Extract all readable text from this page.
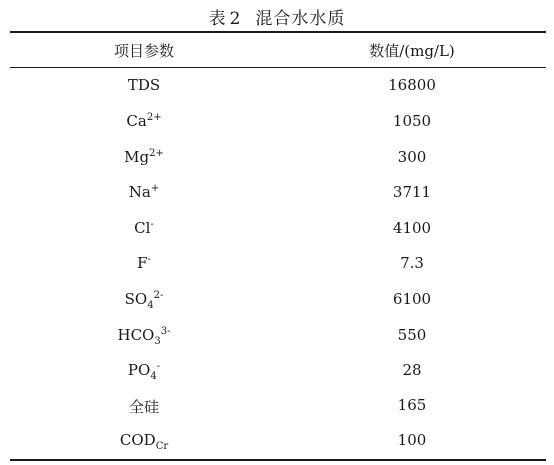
表 2 混合水水质
项目参数	数值/(mg/L)
TDS	16800
$Ca^{2+}$	1050
$Mg^{2+}$	300
Na+	3711
Cl-	4100
F-	7.3
$SO_4^{2-}$	6100
$HCO_3^{3-}$	550
$PO_4^-$	28
全硅	165
$COD_{Cr}$	100
